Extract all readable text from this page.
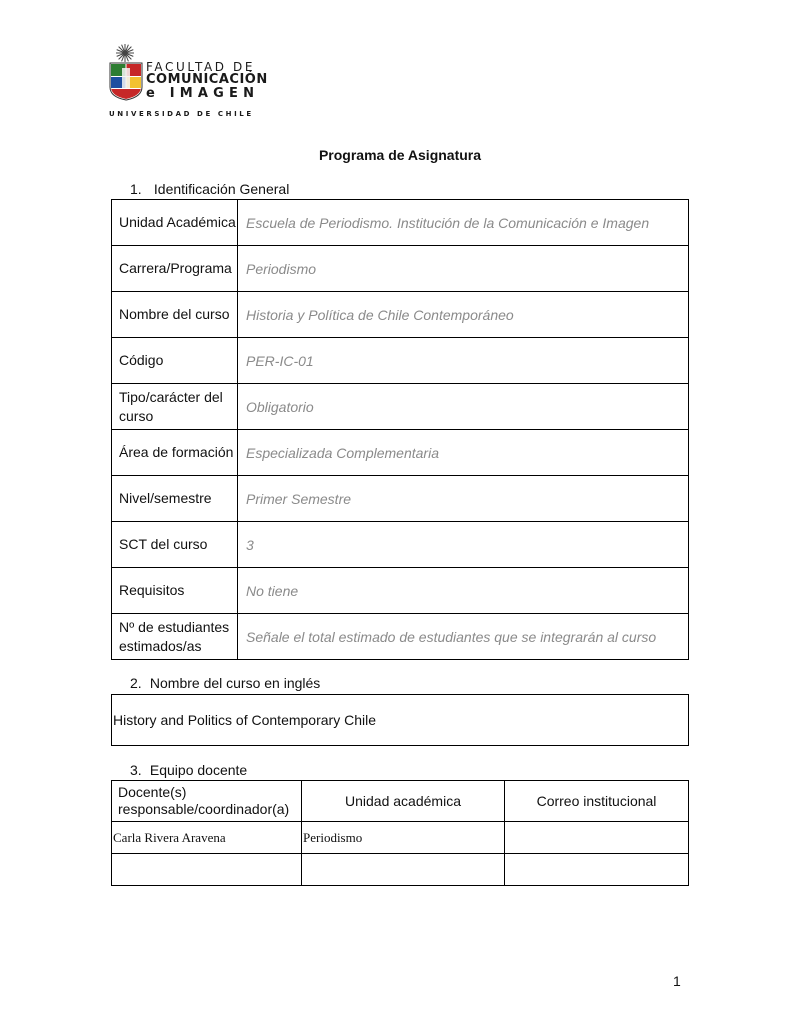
FACULTAD DE
COMUNICACIÓN
e IMAGEN
UNIVERSIDAD DE CHILE
Programa de Asignatura
1. Identificación General
Unidad Académica	Escuela de Periodismo. Institución de la Comunicación e Imagen
Carrera/Programa	Periodismo
Nombre del curso	Historia y Política de Chile Contemporáneo
Código	PER-IC-01
Tipo/carácter del curso	Obligatorio
Área de formación	Especializada Complementaria
Nivel/semestre	Primer Semestre
SCT del curso	3
Requisitos	No tiene
Nº de estudiantes estimados/as	Señale el total estimado de estudiantes que se integrarán al curso
2. Nombre del curso en inglés
History and Politics of Contemporary Chile
3. Equipo docente
Docente(s) responsable/coordinador(a)	Unidad académica	Correo institucional
Carla Rivera Aravena	Periodismo	

1
